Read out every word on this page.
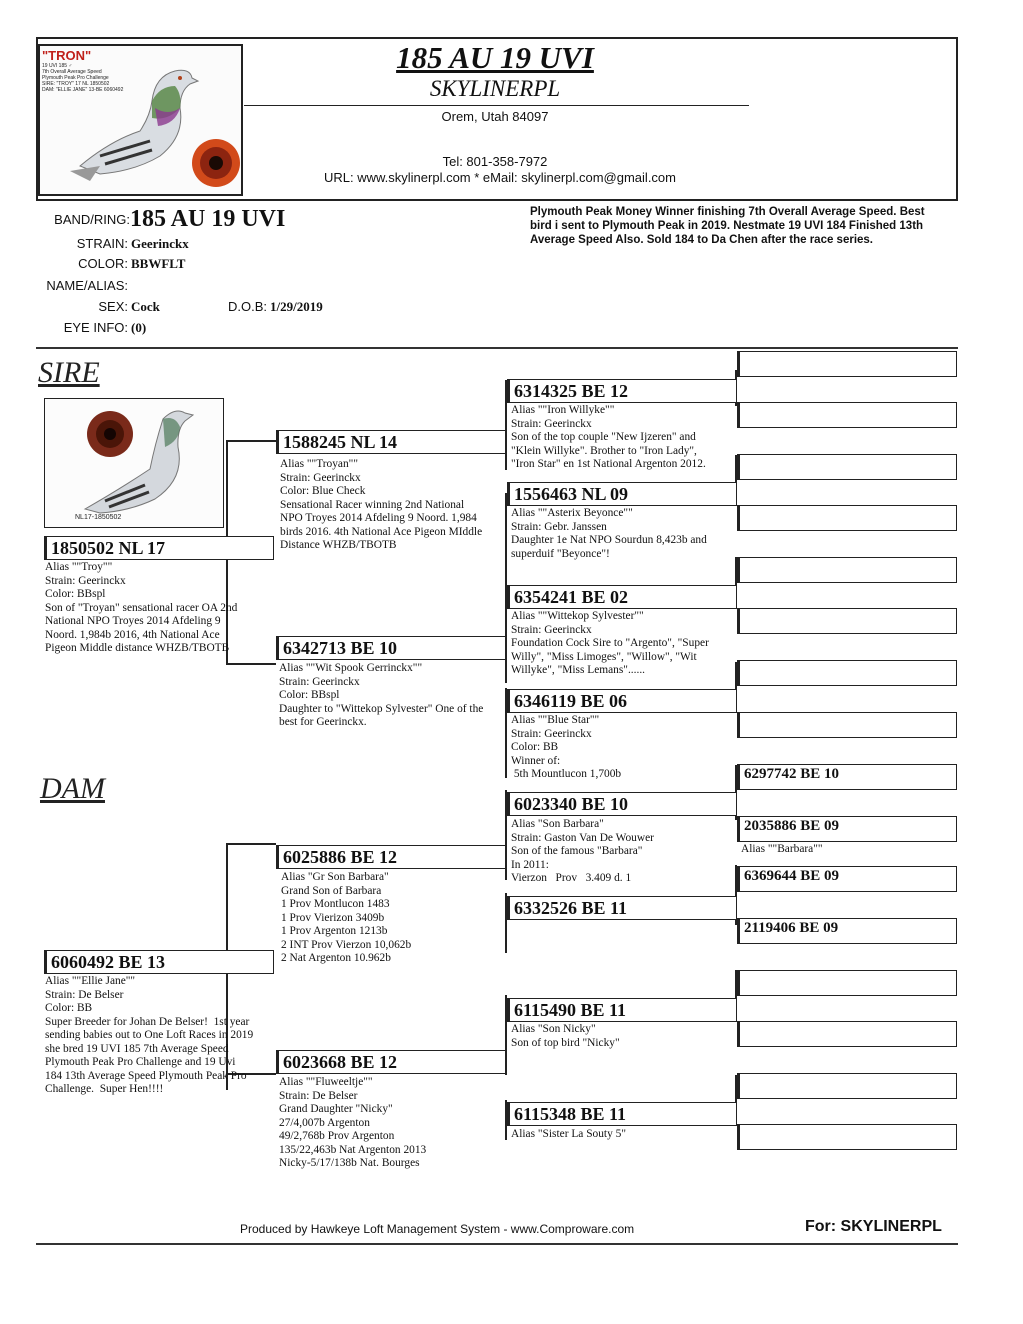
"TRON"
19 UVI 185 ♂
7th Overall Average Speed
Plymouth Peak Pro Challenge
SIRE: "TROY" 17 NL 1850502
DAM: "ELLIE JANE" 13-BE 6060492
185 AU 19 UVI
SKYLINERPL
Orem, Utah 84097
Tel: 801-358-7972
URL: www.skylinerpl.com * eMail: skylinerpl.com@gmail.com
BAND/RING: 185 AU 19 UVI
STRAIN: Geerinckx
COLOR: BBWFLT
NAME/ALIAS:
SEX: Cock	D.O.B: 1/29/2019
EYE INFO: (0)
Plymouth Peak Money Winner finishing 7th Overall Average Speed. Best bird i sent to Plymouth Peak in 2019. Nestmate 19 UVI 184 Finished 13th Average Speed Also. Sold 184 to Da Chen after the race series.
SIRE
DAM
NL17-1850502
1850502 NL 17
Alias ""Troy""
Strain: Geerinckx
Color: BBspl
Son of "Troyan" sensational racer OA 2nd
National NPO Troyes 2014 Afdeling 9
Noord. 1,984b 2016, 4th National Ace
Pigeon Middle distance WHZB/TBOTB
1588245 NL 14
Alias ""Troyan""
Strain: Geerinckx
Color: Blue Check
Sensational Racer winning 2nd National
NPO Troyes 2014 Afdeling 9 Noord. 1,984
birds 2016. 4th National Ace Pigeon MIddle
Distance WHZB/TBOTB
6342713 BE 10
Alias ""Wit Spook Gerrinckx""
Strain: Geerinckx
Color: BBspl
Daughter to "Wittekop Sylvester" One of the
best for Geerinckx.
6314325 BE 12
Alias ""Iron Willyke""
Strain: Geerinckx
Son of the top couple "New Ijzeren" and
"Klein Willyke". Brother to "Iron Lady",
"Iron Star" en 1st National Argenton 2012.
1556463 NL 09
Alias ""Asterix Beyonce""
Strain: Gebr. Janssen
Daughter 1e Nat NPO Sourdun 8,423b and
superduif "Beyonce"!
6354241 BE 02
Alias ""Wittekop Sylvester""
Strain: Geerinckx
Foundation Cock Sire to "Argento", "Super
Willy", "Miss Limoges", "Willow", "Wit
Willyke", "Miss Lemans"......
6346119 BE 06
Alias ""Blue Star""
Strain: Geerinckx
Color: BB
Winner of:
5th Mountlucon 1,700b
6060492 BE 13
Alias ""Ellie Jane""
Strain: De Belser
Color: BB
Super Breeder for Johan De Belser!  1st year
sending babies out to One Loft Races in 2019
she bred 19 UVI 185 7th Average Speed
Plymouth Peak Pro Challenge and 19 Uvi
184 13th Average Speed Plymouth Peak Pro
Challenge.  Super Hen!!!!
6025886 BE 12
Alias "Gr Son Barbara"
Grand Son of Barbara
1 Prov Montlucon 1483
1 Prov Vierizon 3409b
1 Prov Argenton 1213b
2 INT Prov Vierzon 10,062b
2 Nat Argenton 10.962b
6023668 BE 12
Alias ""Fluweeltje""
Strain: De Belser
Grand Daughter "Nicky"
27/4,007b Argenton
49/2,768b Prov Argenton
135/22,463b Nat Argenton 2013
Nicky-5/17/138b Nat. Bourges
6023340 BE 10
Alias "Son Barbara"
Strain: Gaston Van De Wouwer
Son of the famous "Barbara"
In 2011:
Vierzon   Prov   3.409 d. 1
6332526 BE 11
6115490 BE 11
Alias "Son Nicky"
Son of top bird "Nicky"
6115348 BE 11
Alias "Sister La Souty 5"
6297742 BE 10
2035886 BE 09
Alias ""Barbara""
6369644 BE 09
2119406 BE 09
Produced by Hawkeye Loft Management System - www.Comproware.com	For: SKYLINERPL
